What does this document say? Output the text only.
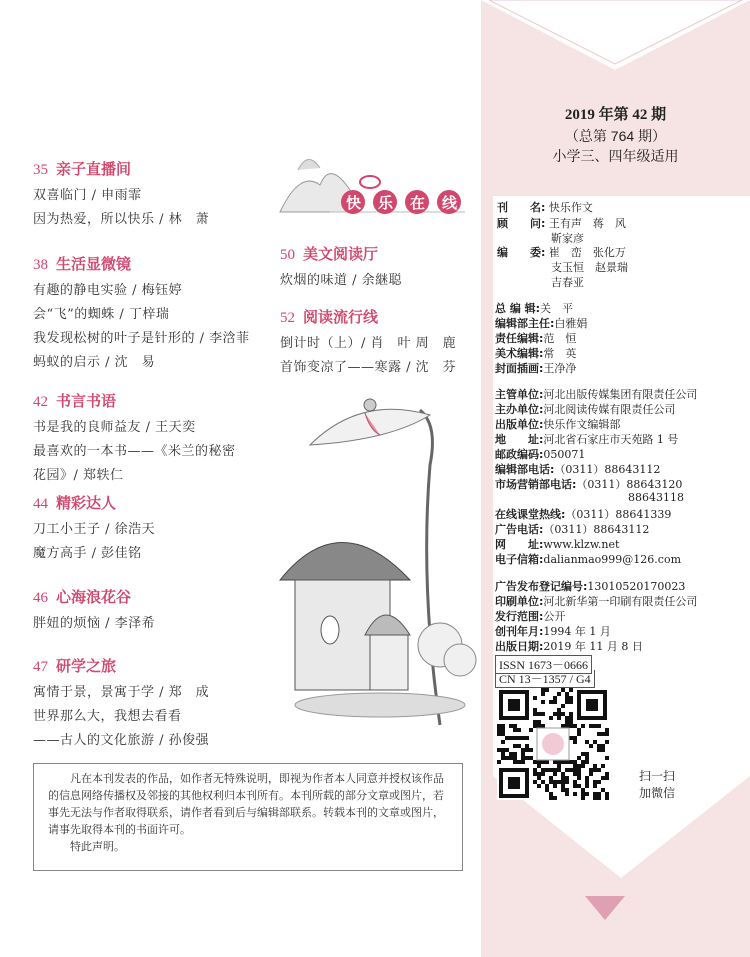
2019 年第 42 期
（总第 764 期）
小学三、四年级适用
刊　　名: 快乐作文
顾　　问: 王有声　蒋　风
靳家彦
编　　委: 崔　峦　张化万
支玉恒　赵景瑞
吉春亚
总 编 辑:关　平
编辑部主任:白雅娟
责任编辑:范　恒
美术编辑:常　英
封面插画:王净净
主管单位:河北出版传媒集团有限责任公司
主办单位:河北阅读传媒有限责任公司
出版单位:快乐作文编辑部
地　　址:河北省石家庄市天苑路 1 号
邮政编码:050071
编辑部电话:（0311）88643112
市场营销部电话:（0311）88643120
88643118
在线课堂热线:（0311）88641339
广告电话:（0311）88643112
网　　址:www.klzw.net
电子信箱:dalianmao999@126.com
广告发布登记编号:13010520170023
印刷单位:河北新华第一印刷有限责任公司
发行范围:公开
创刊年月:1994 年 1 月
出版日期:2019 年 11 月 8 日
ISSN 1673－0666
CN 13－1357 / G4
扫一扫
加微信
快 乐 在 线

凡在本刊发表的作品，如作者无特殊说明，即视为作者本人同意并授权该作品的信息网络传播权及邻接的其他权利归本刊所有。本刊所载的部分文章或图片，若事先无法与作者取得联系，请作者看到后与编辑部联系。转载本刊的文章或图片，请事先取得本刊的书面许可。

特此声明。

35 亲子直播间
双喜临门 / 申雨霏
因为热爱，所以快乐 / 林　萧
38 生活显微镜
有趣的静电实验 / 梅钰婷
会“飞”的蜘蛛 / 丁梓瑞
我发现松树的叶子是针形的 / 李浛菲
蚂蚁的启示 / 沈　易
42 书言书语
书是我的良师益友 / 王天奕
最喜欢的一本书——《米兰的秘密
花园》/ 郑轶仁
44 精彩达人
刀工小王子 / 徐浩天
魔方高手 / 彭佳铭
46 心海浪花谷
胖妞的烦恼 / 李泽希
47 研学之旅
寓情于景，景寓于学 / 郑　成
世界那么大，我想去看看
——古人的文化旅游 / 孙俊强
50 美文阅读厅
炊烟的味道 / 余継聪
52 阅读流行线
倒计时（上）/ 肖　叶 周　鹿
首饰变凉了——寒露 / 沈　芬
